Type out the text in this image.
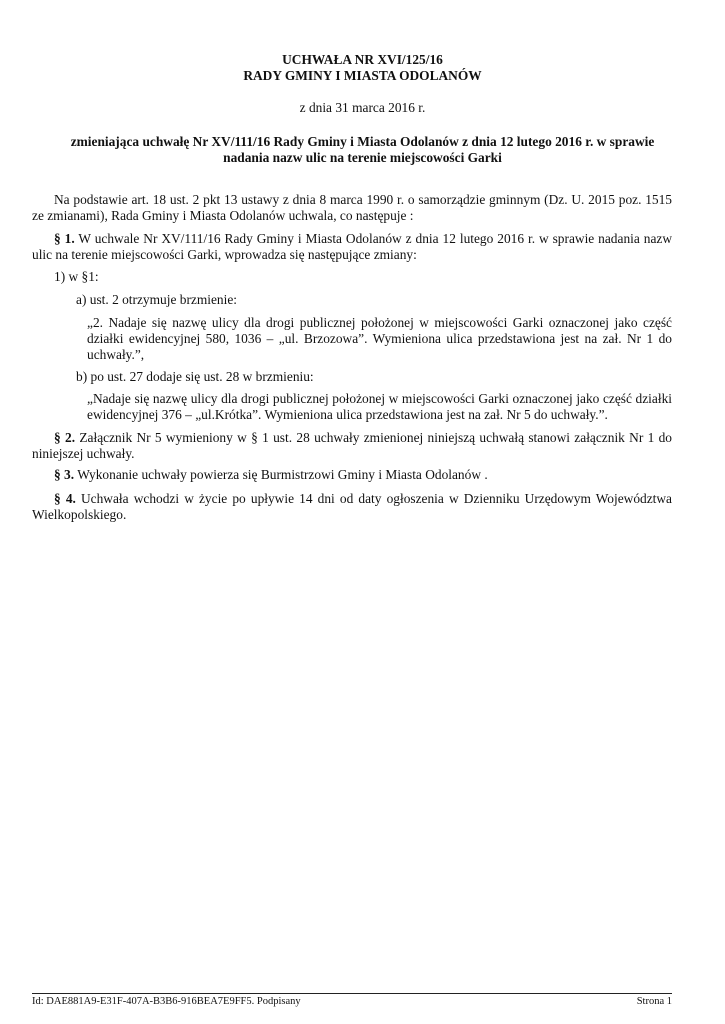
UCHWAŁA NR XVI/125/16
RADY GMINY I MIASTA ODOLANÓW
z dnia 31 marca 2016 r.
zmieniająca uchwałę Nr XV/111/16 Rady Gminy i Miasta Odolanów z dnia 12 lutego 2016 r. w sprawie
nadania nazw ulic na terenie miejscowości Garki
Na podstawie art. 18 ust. 2 pkt 13 ustawy z dnia 8 marca 1990 r. o samorządzie gminnym (Dz. U. 2015 poz. 1515 ze zmianami), Rada Gminy i Miasta Odolanów uchwala, co następuje :
§ 1. W uchwale Nr XV/111/16 Rady Gminy i Miasta Odolanów z dnia 12 lutego 2016 r. w sprawie nadania nazw ulic na terenie miejscowości Garki, wprowadza się następujące zmiany:
1) w §1:
a) ust. 2 otrzymuje brzmienie:
„2. Nadaje się nazwę ulicy dla drogi publicznej położonej w miejscowości Garki oznaczonej jako część działki ewidencyjnej 580, 1036 – „ul. Brzozowa”. Wymieniona ulica przedstawiona jest na zał. Nr 1 do uchwały.”,
b) po ust. 27 dodaje się ust. 28 w brzmieniu:
„Nadaje się nazwę ulicy dla drogi publicznej położonej w miejscowości Garki oznaczonej jako część działki ewidencyjnej 376 – „ul.Krótka”. Wymieniona ulica przedstawiona jest na zał. Nr 5 do uchwały.”.
§ 2. Załącznik Nr 5 wymieniony w § 1 ust. 28 uchwały zmienionej niniejszą uchwałą stanowi załącznik Nr 1 do niniejszej uchwały.
§ 3. Wykonanie uchwały powierza się Burmistrzowi Gminy i Miasta Odolanów .
§ 4. Uchwała wchodzi w życie po upływie 14 dni od daty ogłoszenia w Dzienniku Urzędowym Województwa Wielkopolskiego.
Id: DAE881A9-E31F-407A-B3B6-916BEA7E9FF5. Podpisany	Strona 1
